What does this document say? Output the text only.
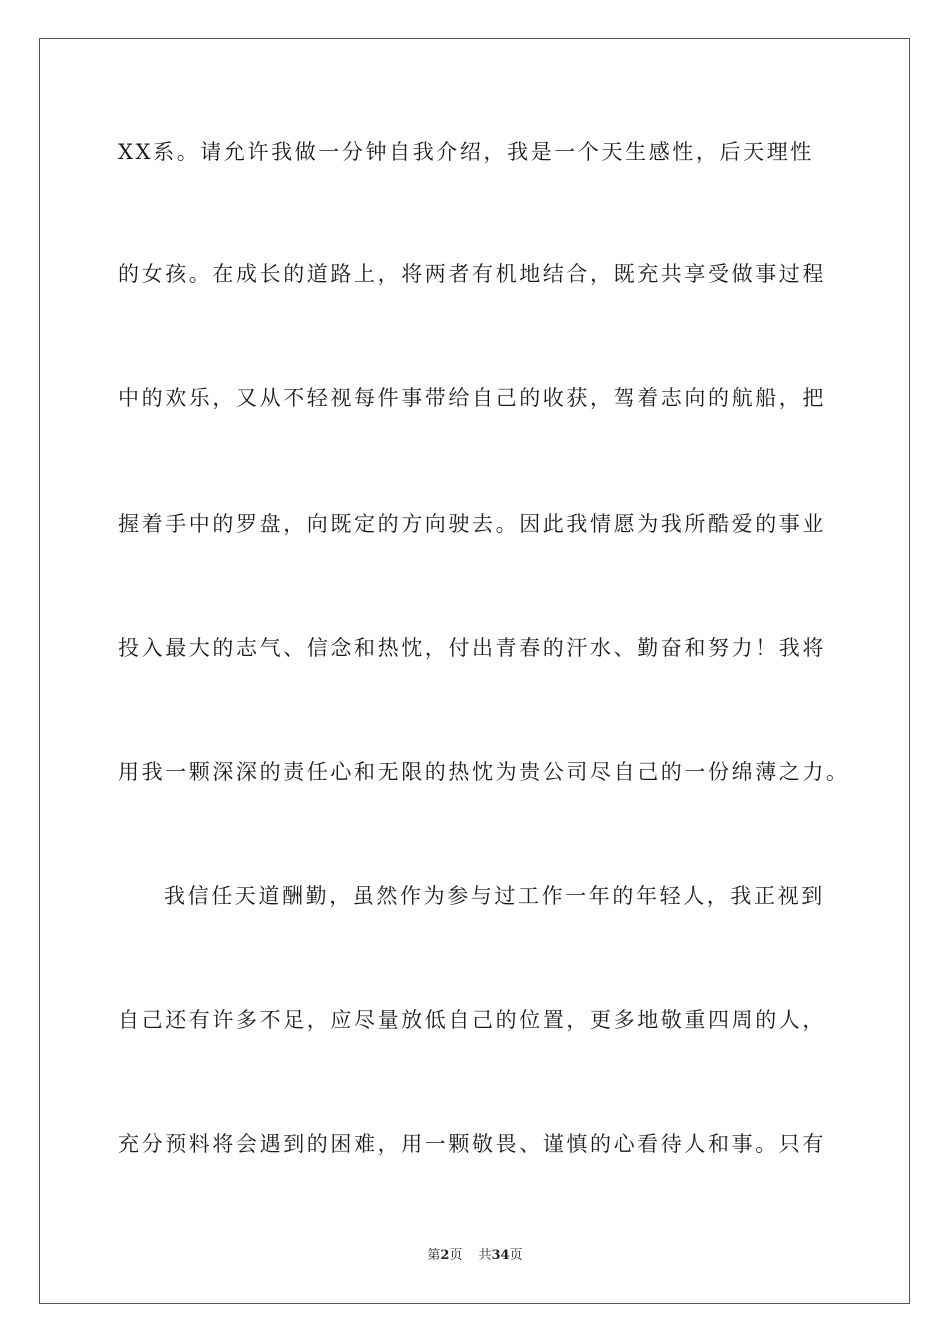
XX系。请允许我做一分钟自我介绍，我是一个天生感性，后天理性
的女孩。在成长的道路上，将两者有机地结合，既充共享受做事过程
中的欢乐，又从不轻视每件事带给自己的收获，驾着志向的航船，把
握着手中的罗盘，向既定的方向驶去。因此我情愿为我所酷爱的事业
投入最大的志气、信念和热忱，付出青春的汗水、勤奋和努力！我将
用我一颗深深的责任心和无限的热忱为贵公司尽自己的一份绵薄之力。
我信任天道酬勤，虽然作为参与过工作一年的年轻人，我正视到
自己还有许多不足，应尽量放低自己的位置，更多地敬重四周的人，
充分预料将会遇到的困难，用一颗敬畏、谨慎的心看待人和事。只有
第2页 共34页
